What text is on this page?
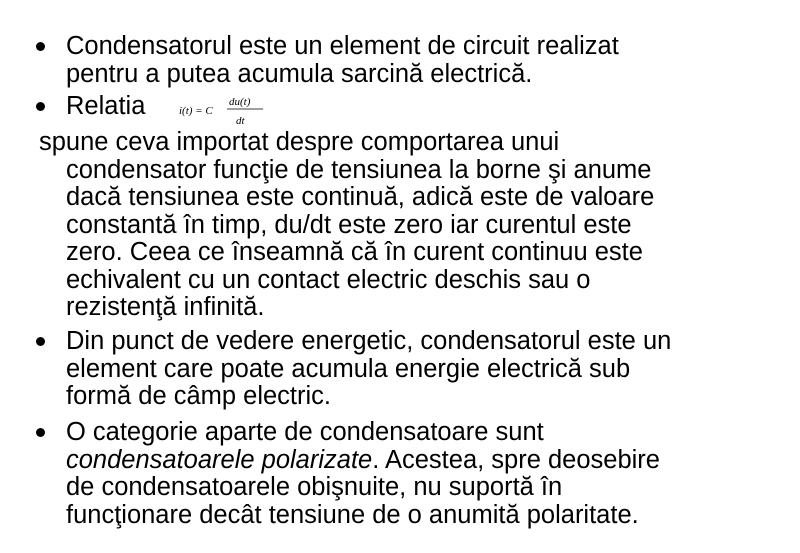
Condensatorul este un element de circuit realizat
pentru a putea acumula sarcină electrică.
Relatia	i(t) = C
du(t)
dt
spune ceva importat despre comportarea unui
condensator funcţie de tensiunea la borne şi anume
dacă tensiunea este continuă, adică este de valoare
constantă în timp, du/dt este zero iar curentul este
zero. Ceea ce înseamnă că în curent continuu este
echivalent cu un contact electric deschis sau o
rezistenţă infinită.
Din punct de vedere energetic, condensatorul este un
element care poate acumula energie electrică sub
formă de câmp electric.
O categorie aparte de condensatoare sunt
condensatoarele polarizate. Acestea, spre deosebire
de condensatoarele obişnuite, nu suportă în
funcţionare decât tensiune de o anumită polaritate.
